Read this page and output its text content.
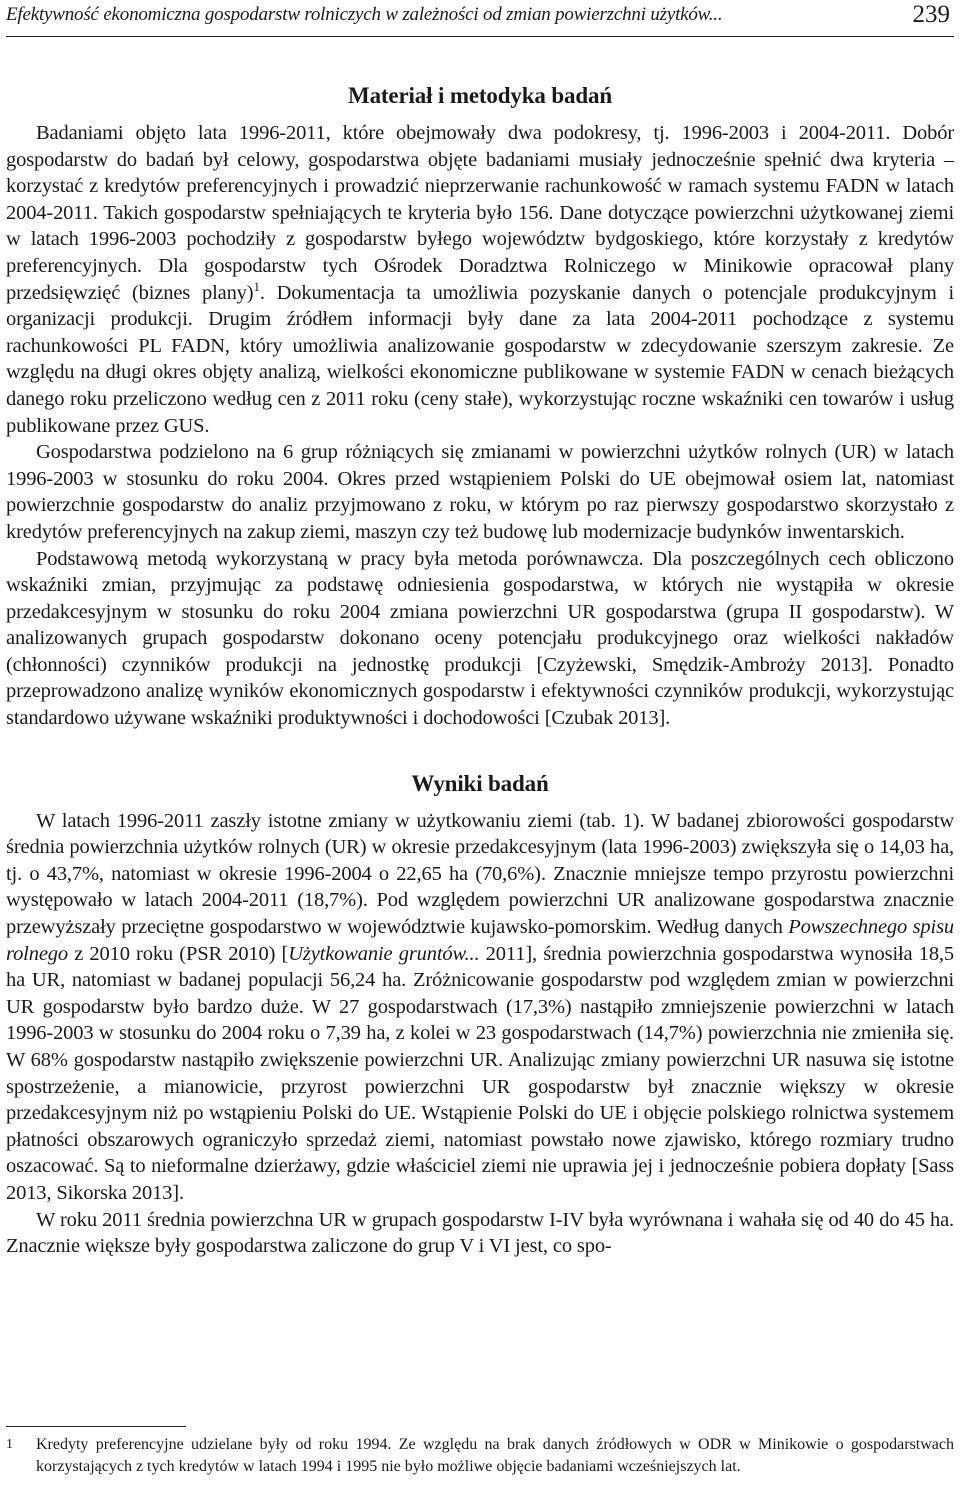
Efektywność ekonomiczna gospodarstw rolniczych w zależności od zmian powierzchni użytków...	239
Materiał i metodyka badań

Badaniami objęto lata 1996-2011, które obejmowały dwa podokresy, tj. 1996-2003 i 2004-2011. Dobór gospodarstw do badań był celowy, gospodarstwa objęte badaniami musiały jednocześnie spełnić dwa kryteria – korzystać z kredytów preferencyjnych i prowadzić nieprzerwanie rachunkowość w ramach systemu FADN w latach 2004-2011. Takich gospodarstw spełniających te kryteria było 156. Dane dotyczące powierzchni użytkowanej ziemi w latach 1996-2003 pochodziły z gospodarstw byłego województw bydgoskiego, które korzystały z kredytów preferencyjnych. Dla gospodarstw tych Ośrodek Doradztwa Rolniczego w Minikowie opracował plany przedsięwzięć (biznes plany)$^1$. Dokumentacja ta umożliwia pozyskanie danych o potencjale produkcyjnym i organizacji produkcji. Drugim źródłem informacji były dane za lata 2004-2011 pochodzące z systemu rachunkowości PL FADN, który umożliwia analizowanie gospodarstw w zdecydowanie szerszym zakresie. Ze względu na długi okres objęty analizą, wielkości ekonomiczne publikowane w systemie FADN w cenach bieżących danego roku przeliczono według cen z 2011 roku (ceny stałe), wykorzystując roczne wskaźniki cen towarów i usług publikowane przez GUS.

Gospodarstwa podzielono na 6 grup różniących się zmianami w powierzchni użytków rolnych (UR) w latach 1996-2003 w stosunku do roku 2004. Okres przed wstąpieniem Polski do UE obejmował osiem lat, natomiast powierzchnie gospodarstw do analiz przyjmowano z roku, w którym po raz pierwszy gospodarstwo skorzystało z kredytów preferencyjnych na zakup ziemi, maszyn czy też budowę lub modernizacje budynków inwentarskich.

Podstawową metodą wykorzystaną w pracy była metoda porównawcza. Dla poszczególnych cech obliczono wskaźniki zmian, przyjmując za podstawę odniesienia gospodarstwa, w których nie wystąpiła w okresie przedakcesyjnym w stosunku do roku 2004 zmiana powierzchni UR gospodarstwa (grupa II gospodarstw). W analizowanych grupach gospodarstw dokonano oceny potencjału produkcyjnego oraz wielkości nakładów (chłonności) czynników produkcji na jednostkę produkcji [Czyżewski, Smędzik-Ambroży 2013]. Ponadto przeprowadzono analizę wyników ekonomicznych gospodarstw i efektywności czynników produkcji, wykorzystując standardowo używane wskaźniki produktywności i dochodowości [Czubak 2013].

Wyniki badań

W latach 1996-2011 zaszły istotne zmiany w użytkowaniu ziemi (tab. 1). W badanej zbiorowości gospodarstw średnia powierzchnia użytków rolnych (UR) w okresie przedakcesyjnym (lata 1996-2003) zwiększyła się o 14,03 ha, tj. o 43,7%, natomiast w okresie 1996-2004 o 22,65 ha (70,6%). Znacznie mniejsze tempo przyrostu powierzchni występowało w latach 2004-2011 (18,7%). Pod względem powierzchni UR analizowane gospodarstwa znacznie przewyższały przeciętne gospodarstwo w województwie kujawsko-pomorskim. Według danych Powszechnego spisu rolnego z 2010 roku (PSR 2010) [Użytkowanie gruntów... 2011], średnia powierzchnia gospodarstwa wynosiła 18,5 ha UR, natomiast w badanej populacji 56,24 ha. Zróżnicowanie gospodarstw pod względem zmian w powierzchni UR gospodarstw było bardzo duże. W 27 gospodarstwach (17,3%) nastąpiło zmniejszenie powierzchni w latach 1996-2003 w stosunku do 2004 roku o 7,39 ha, z kolei w 23 gospodarstwach (14,7%) powierzchnia nie zmieniła się. W 68% gospodarstw nastąpiło zwiększenie powierzchni UR. Analizując zmiany powierzchni UR nasuwa się istotne spostrzeżenie, a mianowicie, przyrost powierzchni UR gospodarstw był znacznie większy w okresie przedakcesyjnym niż po wstąpieniu Polski do UE. Wstąpienie Polski do UE i objęcie polskiego rolnictwa systemem płatności obszarowych ograniczyło sprzedaż ziemi, natomiast powstało nowe zjawisko, którego rozmiary trudno oszacować. Są to nieformalne dzierżawy, gdzie właściciel ziemi nie uprawia jej i jednocześnie pobiera dopłaty [Sass 2013, Sikorska 2013].

W roku 2011 średnia powierzchna UR w grupach gospodarstw I-IV była wyrównana i wahała się od 40 do 45 ha. Znacznie większe były gospodarstwa zaliczone do grup V i VI jest, co spo-

1 Kredyty preferencyjne udzielane były od roku 1994. Ze względu na brak danych źródłowych w ODR w Minikowie o gospodarstwach korzystających z tych kredytów w latach 1994 i 1995 nie było możliwe objęcie badaniami wcześniejszych lat.
